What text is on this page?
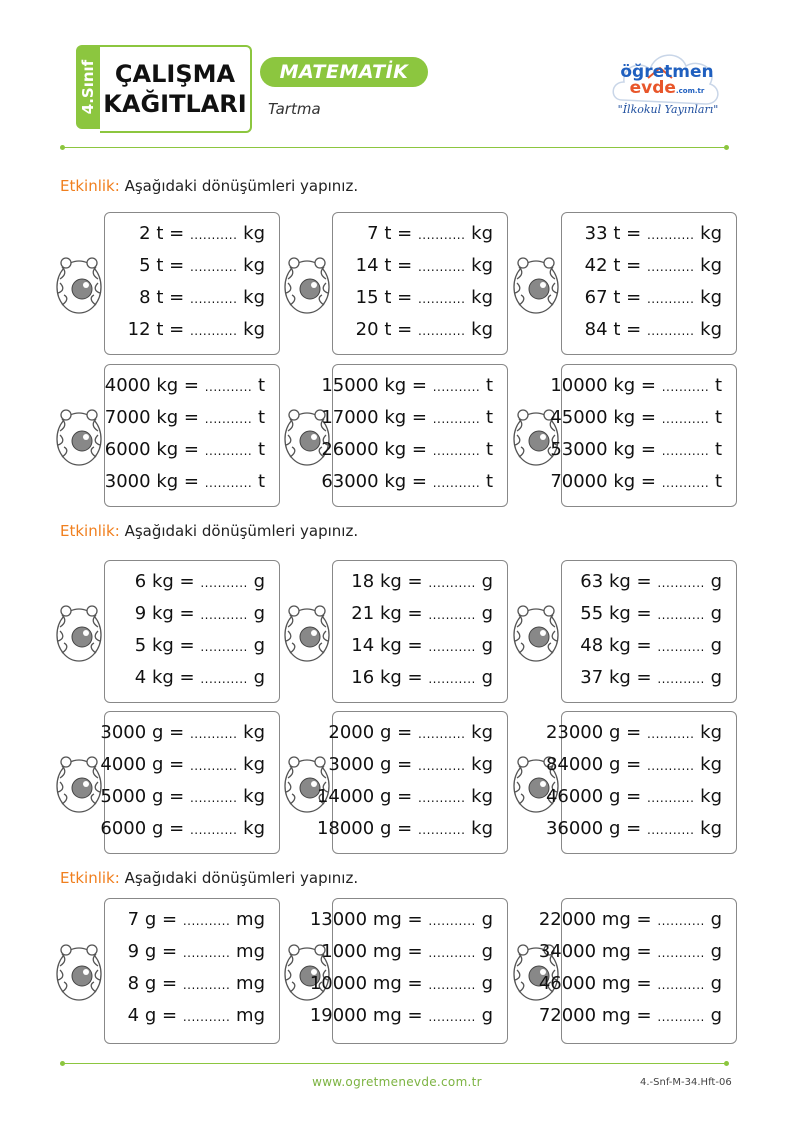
4.Sınıf ÇALIŞMA
KAĞITLARI
MATEMATİK
Tartma
öğretmen
evde.com.tr
"İlkokul Yayınları"
Etkinlik: Aşağıdaki dönüşümleri yapınız.
Etkinlik: Aşağıdaki dönüşümleri yapınız.
Etkinlik: Aşağıdaki dönüşümleri yapınız.
2 t = ........... kg
5 t = ........... kg
8 t = ........... kg
12 t = ........... kg
7 t = ........... kg
14 t = ........... kg
15 t = ........... kg
20 t = ........... kg
33 t = ........... kg
42 t = ........... kg
67 t = ........... kg
84 t = ........... kg
4000 kg = ........... t
7000 kg = ........... t
6000 kg = ........... t
3000 kg = ........... t
15000 kg = ........... t
17000 kg = ........... t
26000 kg = ........... t
63000 kg = ........... t
10000 kg = ........... t
45000 kg = ........... t
53000 kg = ........... t
70000 kg = ........... t
6 kg = ........... g
9 kg = ........... g
5 kg = ........... g
4 kg = ........... g
18 kg = ........... g
21 kg = ........... g
14 kg = ........... g
16 kg = ........... g
63 kg = ........... g
55 kg = ........... g
48 kg = ........... g
37 kg = ........... g
3000 g = ........... kg
4000 g = ........... kg
5000 g = ........... kg
6000 g = ........... kg
2000 g = ........... kg
3000 g = ........... kg
14000 g = ........... kg
18000 g = ........... kg
23000 g = ........... kg
84000 g = ........... kg
46000 g = ........... kg
36000 g = ........... kg
7 g = ........... mg
9 g = ........... mg
8 g = ........... mg
4 g = ........... mg
13000 mg = ........... g
1000 mg = ........... g
10000 mg = ........... g
19000 mg = ........... g
22000 mg = ........... g
34000 mg = ........... g
46000 mg = ........... g
72000 mg = ........... g
www.ogretmenevde.com.tr	4.-Snf-M-34.Hft-06
